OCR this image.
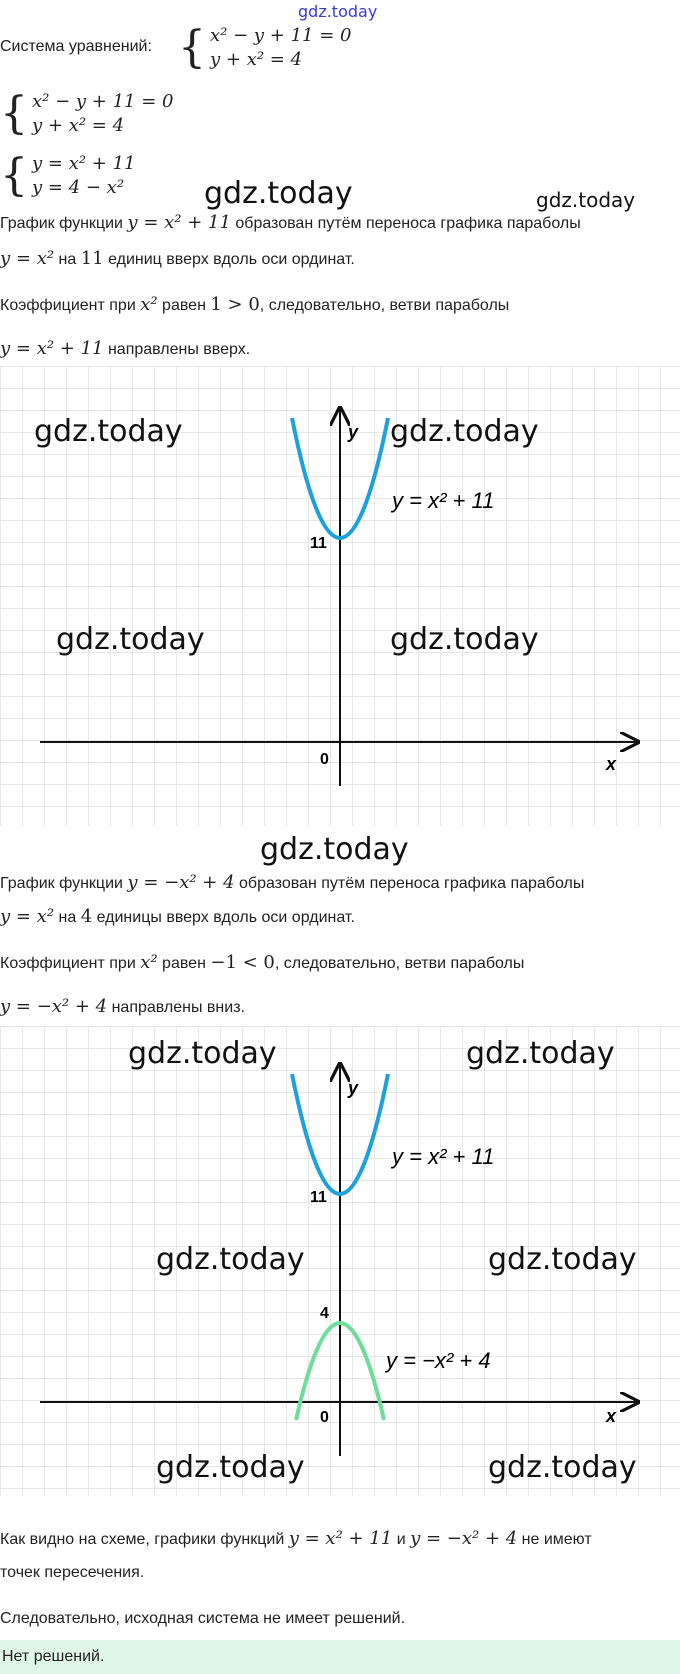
gdz.today
Система уравнений: { x² − y + 11 = 0
y + x² = 4
{ x² − y + 11 = 0
y + x² = 4
{ y = x² + 11
y = 4 − x²	gdz.today	gdz.today
График функции y = x² + 11 образован путём переноса графика параболы
y = x² на 11 единиц вверх вдоль оси ординат.
Коэффициент при x² равен 1 > 0, следовательно, ветви параболы
y = x² + 11 направлены вверх.
y
x
0
11
y = x² + 11
gdz.today	gdz.today
gdz.today	gdz.today
gdz.today
График функции y = −x² + 4 образован путём переноса графика параболы
y = x² на 4 единицы вверх вдоль оси ординат.
Коэффициент при x² равен −1 < 0, следовательно, ветви параболы
y = −x² + 4 направлены вниз.
y
x
0
11
4
y = x² + 11
y = −x² + 4
gdz.today	gdz.today
gdz.today	gdz.today
gdz.today	gdz.today
Как видно на схеме, графики функций y = x² + 11 и y = −x² + 4 не имеют
точек пересечения.
Следовательно, исходная система не имеет решений.
Нет решений.
